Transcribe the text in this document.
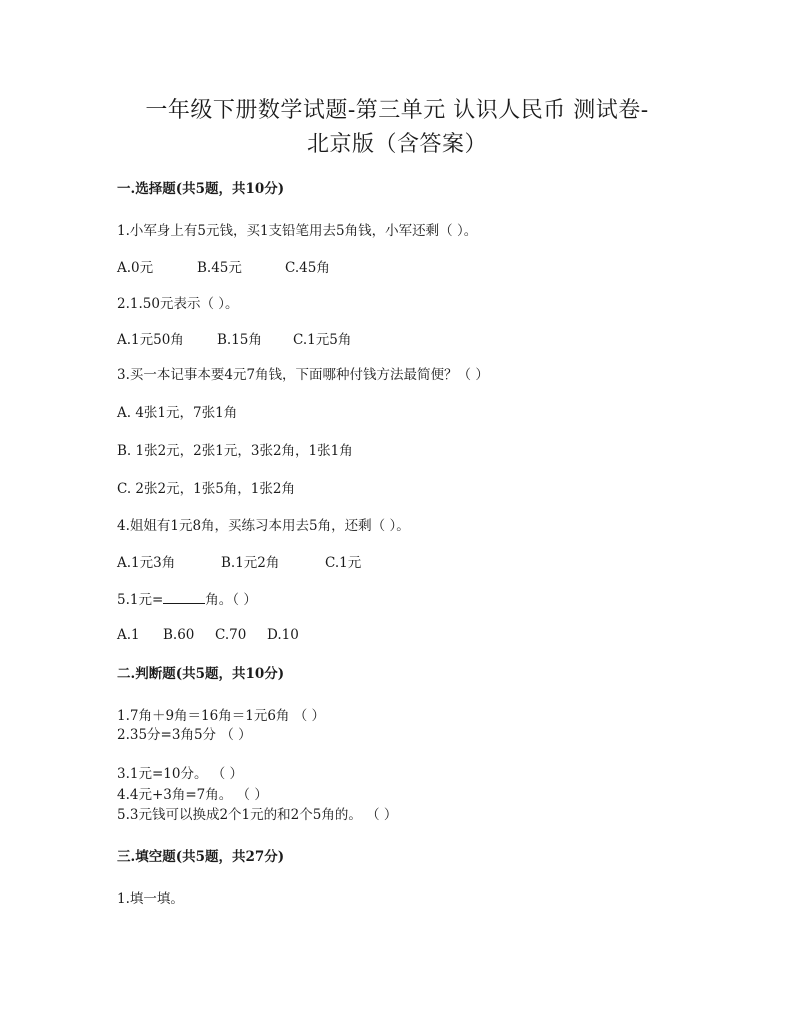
一年级下册数学试题-第三单元 认识人民币 测试卷-
北京版（含答案）
一.选择题(共5题，共10分)
1.小军身上有5元钱，买1支铅笔用去5角钱，小军还剩（ ）。
A.0元	B.45元	C.45角
2.1.50元表示（ ）。
A.1元50角 B.15角 C.1元5角
3.买一本记事本要4元7角钱，下面哪种付钱方法最简便？（ ）
A. 4张1元，7张1角
B. 1张2元，2张1元，3张2角，1张1角
C. 2张2元，1张5角，1张2角
4.姐姐有1元8角，买练习本用去5角，还剩（ ）。
A.1元3角	B.1元2角	C.1元
5.1元=	角。（ ）
A.1 B.60 C.70 D.10
二.判断题(共5题，共10分)
1.7角＋9角＝16角＝1元6角 （ ）
2.35分=3角5分 （ ）
3.1元=10分。 （ ）
4.4元+3角=7角。 （ ）
5.3元钱可以换成2个1元的和2个5角的。 （ ）
三.填空题(共5题，共27分)
1.填一填。
